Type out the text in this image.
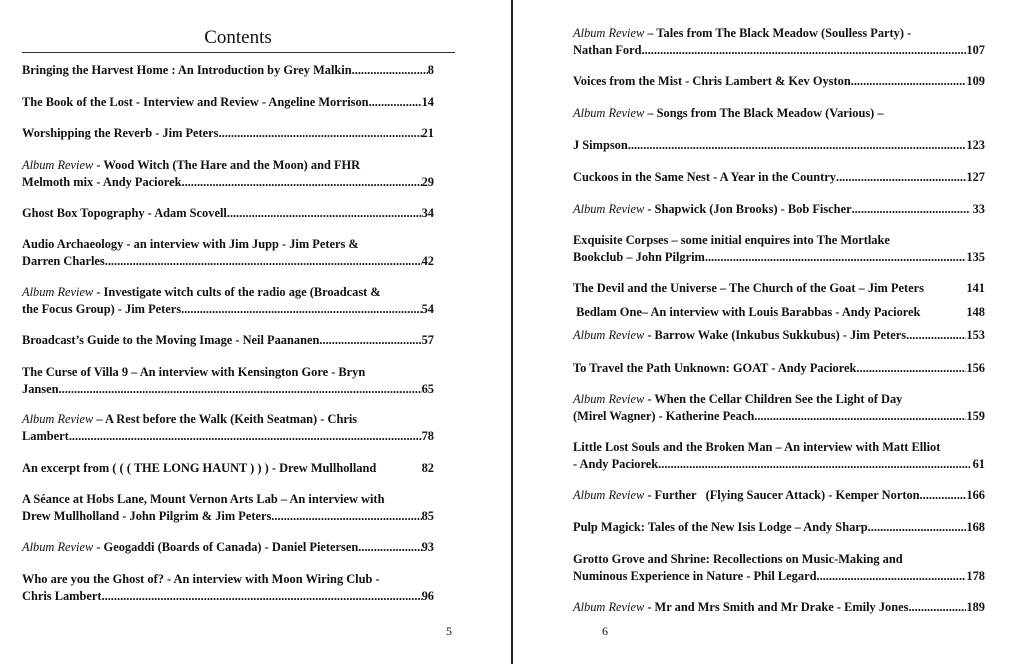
Contents
Bringing the Harvest Home : An Introduction by Grey Malkin .....	8
The Book of the Lost - Interview and Review - Angeline Morrison .....	14
Worshipping the Reverb - Jim Peters .....	21
Album Review - Wood Witch (The Hare and the Moon) and FHR
Melmoth mix - Andy Paciorek .....	29
Ghost Box Topography - Adam Scovell .....	34
Audio Archaeology - an interview with Jim Jupp - Jim Peters &
Darren Charles .....	42
Album Review - Investigate witch cults of the radio age (Broadcast &
the Focus Group) - Jim Peters .....	54
Broadcast’s Guide to the Moving Image - Neil Paananen .....	57
The Curse of Villa 9 – An interview with Kensington Gore - Bryn
Jansen .....	65
Album Review – A Rest before the Walk (Keith Seatman) - Chris
Lambert .....	78
An excerpt from ( ( ( THE LONG HAUNT ) ) ) - Drew Mullholland	82
A Séance at Hobs Lane, Mount Vernon Arts Lab – An interview with
Drew Mullholland - John Pilgrim & Jim Peters .....	85
Album Review - Geogaddi (Boards of Canada) - Daniel Pietersen .....	93
Who are you the Ghost of? - An interview with Moon Wiring Club -
Chris Lambert .....	96
5
Album Review – Tales from The Black Meadow (Soulless Party) -
Nathan Ford .....	107
Voices from the Mist - Chris Lambert & Kev Oyston .....	109
Album Review – Songs from The Black Meadow (Various) –
J Simpson .....	123
Cuckoos in the Same Nest - A Year in the Country .....	127
Album Review - Shapwick (Jon Brooks) - Bob Fischer .....	33
Exquisite Corpses – some initial enquires into The Mortlake
Bookclub – John Pilgrim .....	135
The Devil and the Universe – The Church of the Goat – Jim Peters	141
Bedlam One– An interview with Louis Barabbas - Andy Paciorek	148
Album Review - Barrow Wake (Inkubus Sukkubus) - Jim Peters .....	153
To Travel the Path Unknown: GOAT - Andy Paciorek .....	156
Album Review - When the Cellar Children See the Light of Day
(Mirel Wagner) - Katherine Peach .....	159
Little Lost Souls and the Broken Man – An interview with Matt Elliot
- Andy Paciorek .....	61
Album Review - Further   (Flying Saucer Attack) - Kemper Norton .....	166
Pulp Magick: Tales of the New Isis Lodge – Andy Sharp .....	168
Grotto Grove and Shrine: Recollections on Music-Making and
Numinous Experience in Nature - Phil Legard .....	178
Album Review - Mr and Mrs Smith and Mr Drake - Emily Jones .....	189
6
